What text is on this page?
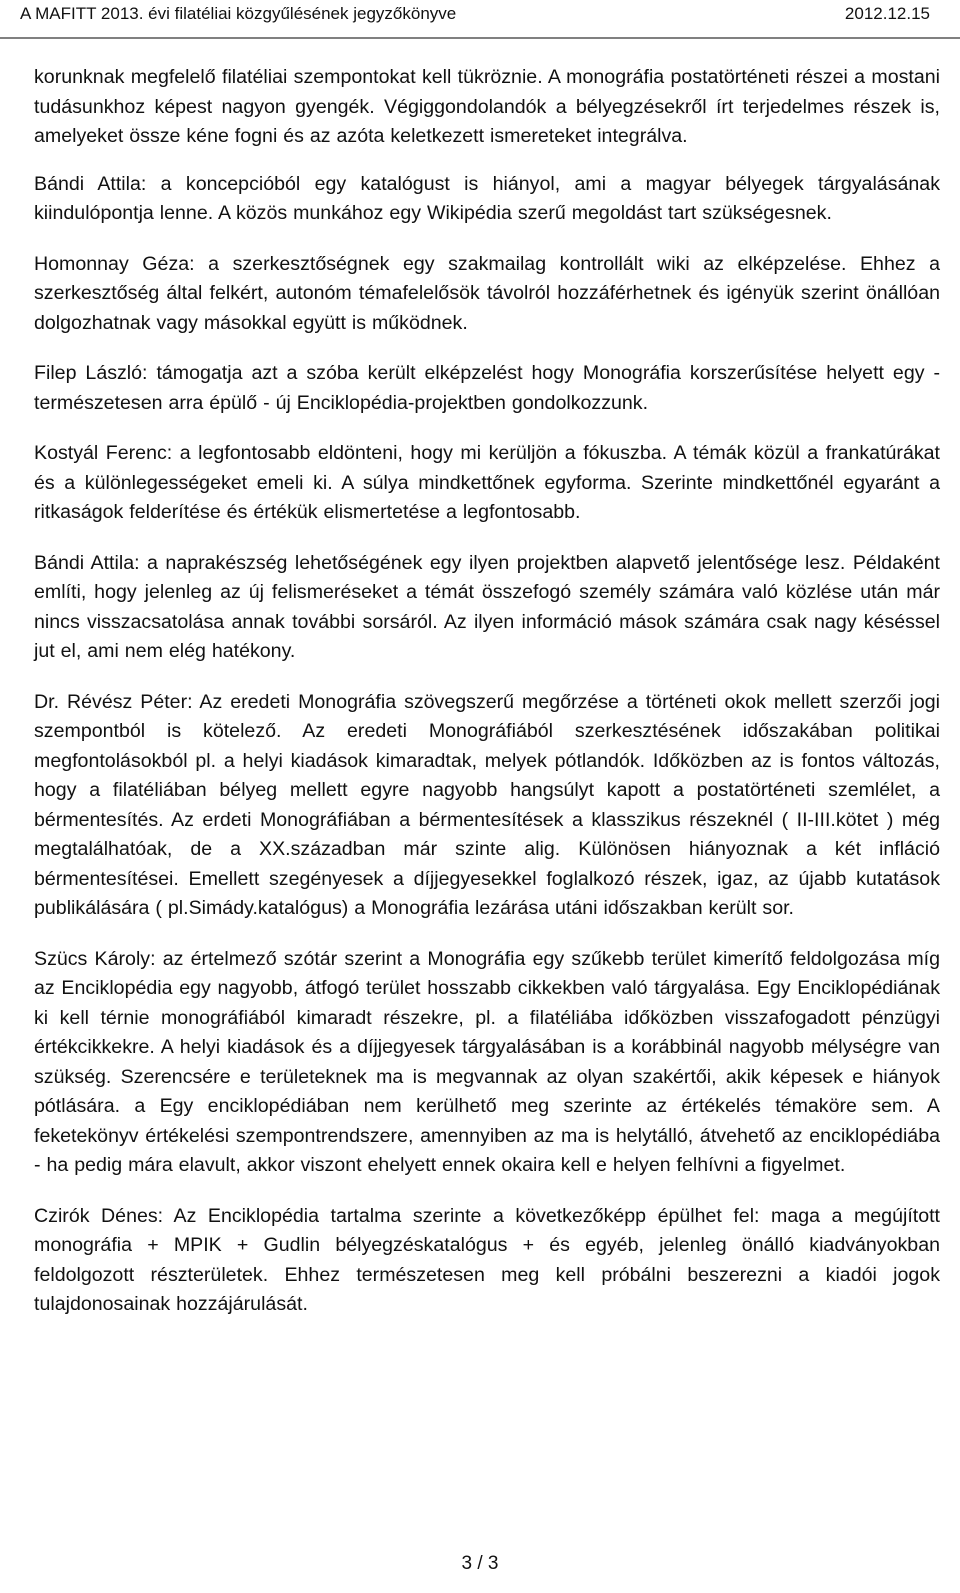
A MAFITT 2013. évi filatéliai közgyűlésének jegyzőkönyve	2012.12.15

korunknak megfelelő filatéliai szempontokat kell tükröznie. A monográfia postatörténeti részei a mostani tudásunkhoz képest nagyon gyengék. Végiggondolandók a bélyegzésekről írt terjedelmes részek is, amelyeket össze kéne fogni és az azóta keletkezett ismereteket integrálva.

Bándi Attila: a koncepcióból egy katalógust is hiányol, ami a magyar bélyegek tárgyalásának kiindulópontja lenne. A közös munkához egy Wikipédia szerű megoldást tart szükségesnek.

Homonnay Géza: a szerkesztőségnek egy szakmailag kontrollált wiki az elképzelése. Ehhez a szerkesztőség által felkért, autonóm témafelelősök távolról hozzáférhetnek és igényük szerint önállóan dolgozhatnak vagy másokkal együtt is működnek.

Filep László: támogatja azt a szóba került elképzelést hogy Monográfia korszerűsítése helyett egy - természetesen arra épülő - új Enciklopédia-projektben gondolkozzunk.

Kostyál Ferenc: a legfontosabb eldönteni, hogy mi kerüljön a fókuszba. A témák közül a frankatúrákat és a különlegességeket emeli ki. A súlya mindkettőnek egyforma. Szerinte mindkettőnél egyaránt a ritkaságok felderítése és értékük elismertetése a legfontosabb.

Bándi Attila: a naprakészség lehetőségének egy ilyen projektben alapvető jelentősége lesz. Példaként említi, hogy jelenleg az új felismeréseket a témát összefogó személy számára való közlése után már nincs visszacsatolása annak további sorsáról. Az ilyen információ mások számára csak nagy késéssel jut el, ami nem elég hatékony.

Dr. Révész Péter: Az eredeti Monográfia szövegszerű megőrzése a történeti okok mellett szerzői jogi szempontból is kötelező. Az eredeti Monográfiából szerkesztésének időszakában politikai megfontolásokból pl. a helyi kiadások kimaradtak, melyek pótlandók. Időközben az is fontos változás, hogy a filatéliában bélyeg mellett egyre nagyobb hangsúlyt kapott a postatörténeti szemlélet, a bérmentesítés. Az erdeti Monográfiában a bérmentesítések a klasszikus részeknél ( II-III.kötet ) még megtalálhatóak, de a XX.században már szinte alig. Különösen hiányoznak a két infláció bérmentesítései. Emellett szegényesek a díjjegyesekkel foglalkozó részek, igaz, az újabb kutatások publikálására ( pl.Simády.katalógus) a Monográfia lezárása utáni időszakban került sor.

Szücs Károly: az értelmező szótár szerint a Monográfia egy szűkebb terület kimerítő feldolgozása míg az Enciklopédia egy nagyobb, átfogó terület hosszabb cikkekben való tárgyalása. Egy Enciklopédiának ki kell térnie monográfiából kimaradt részekre, pl. a filatéliába időközben visszafogadott pénzügyi értékcikkekre. A helyi kiadások és a díjjegyesek tárgyalásában is a korábbinál nagyobb mélységre van szükség. Szerencsére e területeknek ma is megvannak az olyan szakértői, akik képesek e hiányok pótlására. a Egy enciklopédiában nem kerülhető meg szerinte az értékelés témaköre sem. A feketekönyv értékelési szempontrendszere, amennyiben az ma is helytálló, átvehető az enciklopédiába - ha pedig mára elavult, akkor viszont ehelyett ennek okaira kell e helyen felhívni a figyelmet.

Czirók Dénes: Az Enciklopédia tartalma szerinte a következőképp épülhet fel: maga a megújított monográfia + MPIK + Gudlin bélyegzéskatalógus + és egyéb, jelenleg önálló kiadványokban feldolgozott részterületek. Ehhez természetesen meg kell próbálni beszerezni a kiadói jogok tulajdonosainak hozzájárulását.

3 / 3
